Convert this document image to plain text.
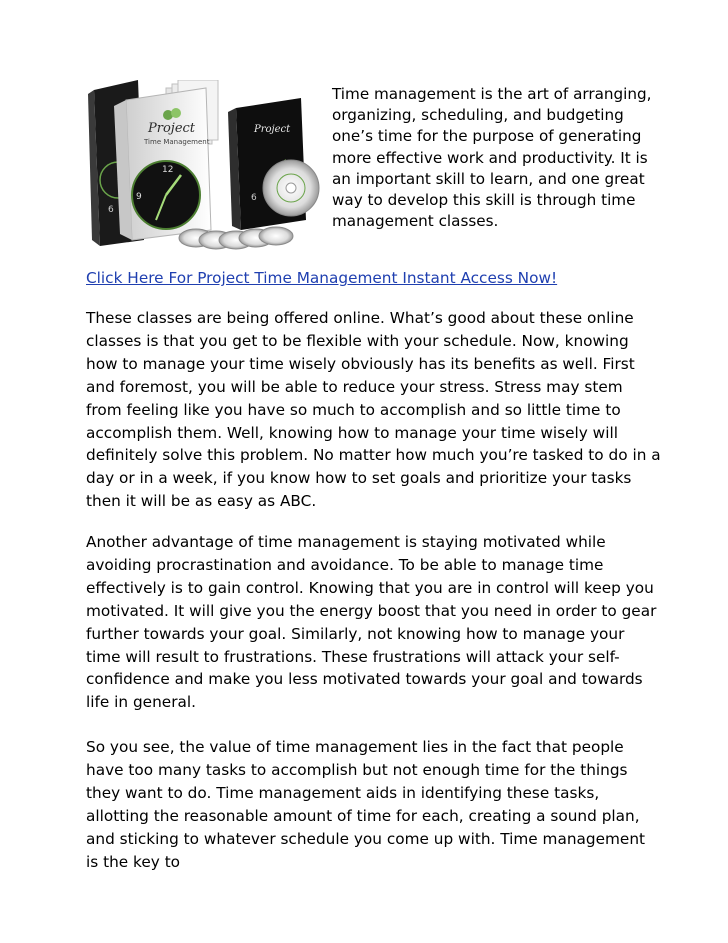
6
Project
Time Management
9
12
Project
6

Time management is the art of arranging, organizing, scheduling, and budgeting one’s time for the purpose of generating more effective work and productivity. It is an important skill to learn, and one great way to develop this skill is through time management classes.

Click Here For Project Time Management Instant Access Now!

These classes are being offered online. What’s good about these online classes is that you get to be flexible with your schedule. Now, knowing how to manage your time wisely obviously has its benefits as well. First and foremost, you will be able to reduce your stress. Stress may stem from feeling like you have so much to accomplish and so little time to accomplish them. Well, knowing how to manage your time wisely will definitely solve this problem. No matter how much you’re tasked to do in a day or in a week, if you know how to set goals and prioritize your tasks then it will be as easy as ABC.

Another advantage of time management is staying motivated while avoiding procrastination and avoidance. To be able to manage time effectively is to gain control. Knowing that you are in control will keep you motivated. It will give you the energy boost that you need in order to gear further towards your goal. Similarly, not knowing how to manage your time will result to frustrations. These frustrations will attack your self-confidence and make you less motivated towards your goal and towards life in general.

So you see, the value of time management lies in the fact that people have too many tasks to accomplish but not enough time for the things they want to do. Time management aids in identifying these tasks, allotting the reasonable amount of time for each, creating a sound plan, and sticking to whatever schedule you come up with. Time management is the key to
